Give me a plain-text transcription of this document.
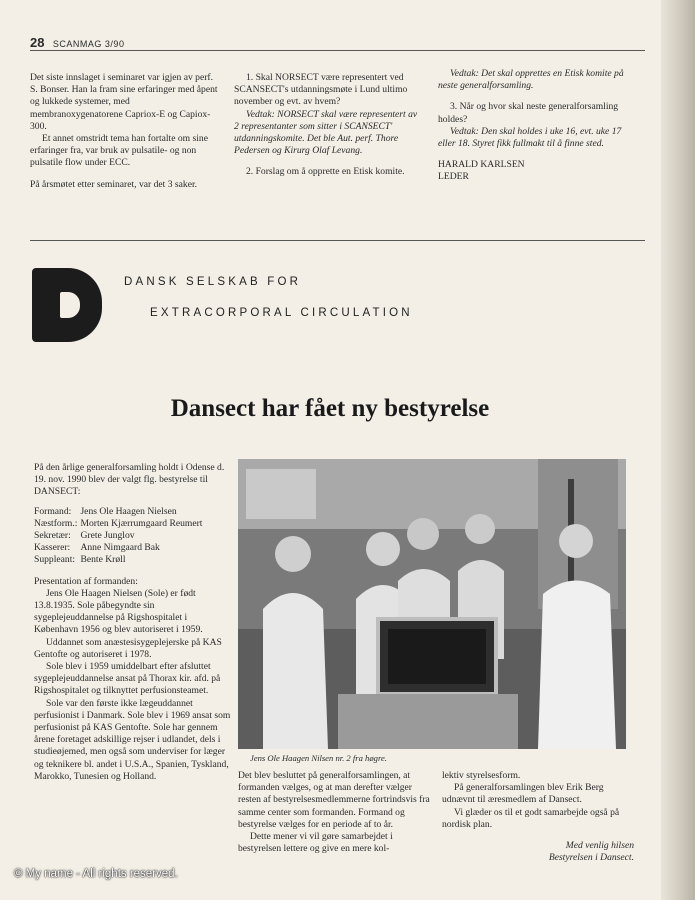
28 SCANMAG 3/90

Det siste innslaget i seminaret var igjen av perf. S. Bonser. Han la fram sine erfaringer med åpent og lukkede systemer, med membranoxygenatorene Capriox-E og Capiox-300.

Et annet omstridt tema han fortalte om sine erfaringer fra, var bruk av pulsatile- og non pulsatile flow under ECC.

På årsmøtet etter seminaret, var det 3 saker.

1. Skal NORSECT være representert ved SCANSECT's utdanningsmøte i Lund ultimo november og evt. av hvem?

Vedtak: NORSECT skal være representert av 2 representanter som sitter i SCANSECT' utdanningskomite. Det ble Aut. perf. Thore Pedersen og Kirurg Olaf Levang.

2. Forslag om å opprette en Etisk komite.

Vedtak: Det skal opprettes en Etisk komite på neste generalforsamling.

3. Når og hvor skal neste generalforsamling holdes?

Vedtak: Den skal holdes i uke 16, evt. uke 17 eller 18. Styret fikk fullmakt til å finne sted.

HARALD KARLSEN

LEDER

DANSK SELSKAB FOR
EXTRACORPORAL CIRCULATION
Dansect har fået ny bestyrelse

På den årlige generalforsamling holdt i Odense d. 19. nov. 1990 blev der valgt flg. bestyrelse til DANSECT:

Formand:	Jens Ole Haagen Nielsen
Næstform.:	Morten Kjærrumgaard Reumert
Sekretær:	Grete Junglov
Kasserer:	Anne Nimgaard Bak
Suppleant:	Bente Krøll

Presentation af formanden:

Jens Ole Haagen Nielsen (Sole) er født 13.8.1935. Sole påbegyndte sin sygeplejeuddannelse på Rigshospitalet i København 1956 og blev autoriseret i 1959.

Uddannet som anæstesisygeplejerske på KAS Gentofte og autoriseret i 1978.

Sole blev i 1959 umiddelbart efter afsluttet sygeplejeuddannelse ansat på Thorax kir. afd. på Rigshospitalet og tilknyttet perfusionsteamet.

Sole var den første ikke lægeuddannet perfusionist i Danmark. Sole blev i 1969 ansat som perfusionist på KAS Gentofte. Sole har gennem årene foretaget adskillige rejser i udlandet, dels i studieøjemed, men også som underviser for læger og teknikere bl. andet i U.S.A., Spanien, Tyskland, Marokko, Tunesien og Holland.

Jens Ole Haagen Nilsen nr. 2 fra høgre.

Det blev besluttet på generalforsamlingen, at formanden vælges, og at man derefter vælger resten af bestyrelsesmedlemmerne fortrindsvis fra samme center som formanden. Formand og bestyrelse vælges for en periode af to år.

Dette mener vi vil gøre samarbejdet i bestyrelsen lettere og give en mere kol-

lektiv styrelsesform.

På generalforsamlingen blev Erik Berg udnævnt til æresmedlem af Dansect.

Vi glæder os til et godt samarbejde også på nordisk plan.

Med venlig hilsen

Bestyrelsen i Dansect.

© My name - All rights reserved.
